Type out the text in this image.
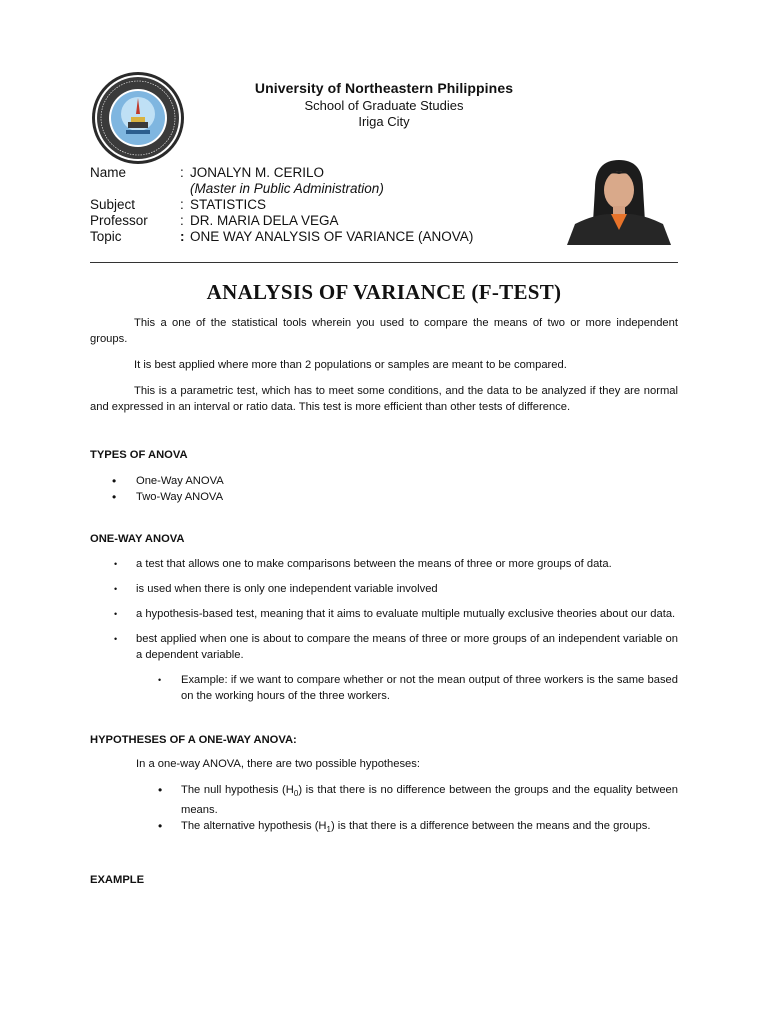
University of Northeastern Philippines
School of Graduate Studies
Iriga City
Name	: JONALYN M. CERILO
(Master in Public Administration)
Subject	: STATISTICS
Professor : DR. MARIA DELA VEGA
Topic	: ONE WAY ANALYSIS OF VARIANCE (ANOVA)
ANALYSIS OF VARIANCE (F-TEST)

This a one of the statistical tools wherein you used to compare the means of two or more independent groups.

It is best applied where more than 2 populations or samples are meant to be compared.

This is a parametric test, which has to meet some conditions, and the data to be analyzed if they are normal and expressed in an interval or ratio data. This test is more efficient than other tests of difference.

TYPES OF ANOVA

• One-Way ANOVA
• Two-Way ANOVA

ONE-WAY ANOVA

• a test that allows one to make comparisons between the means of three or more groups of data.
• is used when there is only one independent variable involved
• a hypothesis-based test, meaning that it aims to evaluate multiple mutually exclusive theories about our data.
• best applied when one is about to compare the means of three or more groups of an independent variable on a dependent variable.
• Example: if we want to compare whether or not the mean output of three workers is the same based on the working hours of the three workers.

HYPOTHESES OF A ONE-WAY ANOVA:

In a one-way ANOVA, there are two possible hypotheses:

• The null hypothesis $(H_0)$ is that there is no difference between the groups and the equality between means.
• The alternative hypothesis $(H_1)$ is that there is a difference between the means and the groups.

EXAMPLE
